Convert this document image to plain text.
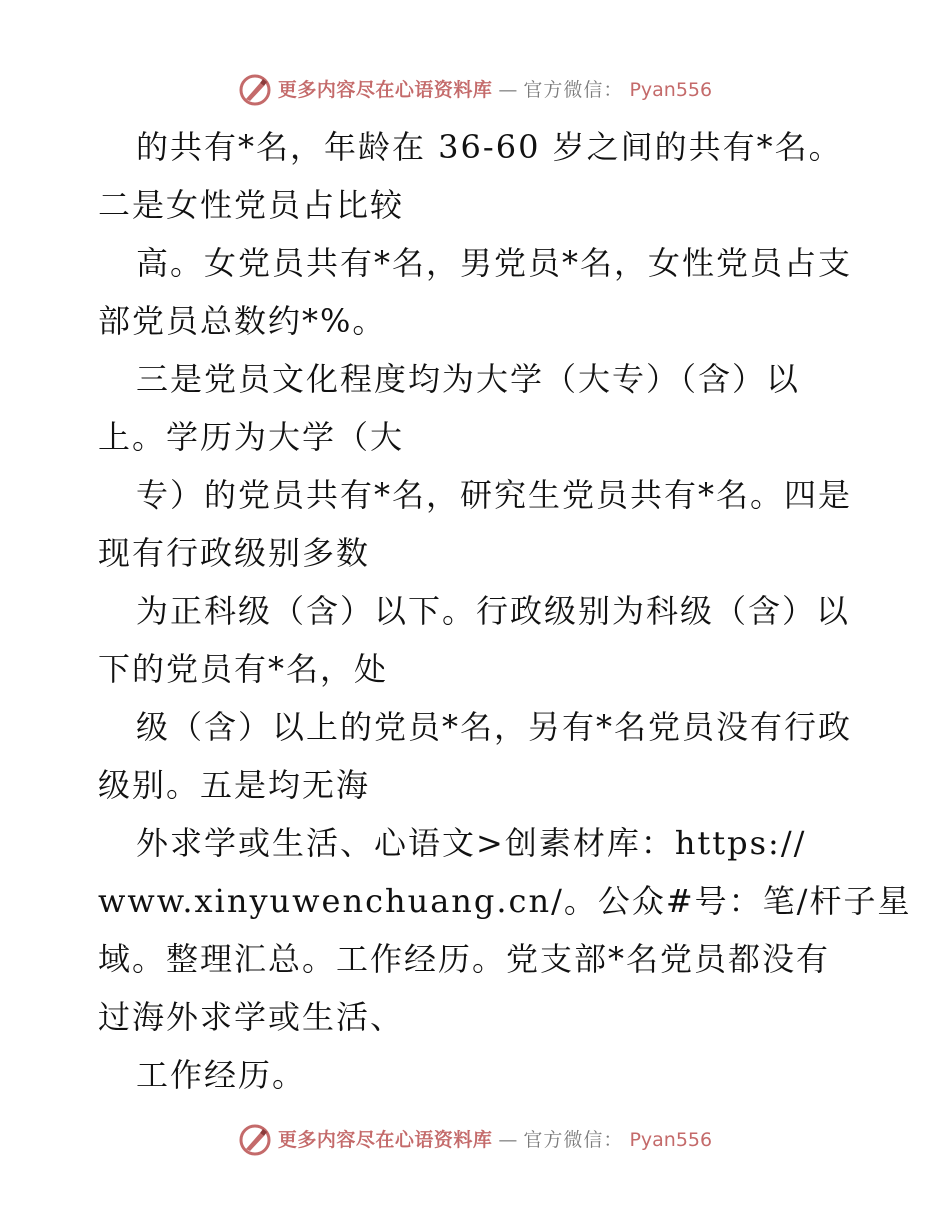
更多内容尽在心语资料库 — 官方微信： Pyan556
的共有*名，年龄在 36-60 岁之间的共有*名。
二是女性党员占比较
高。女党员共有*名，男党员*名，女性党员占支
部党员总数约*%。
三是党员文化程度均为大学（大专）（含）以
上。学历为大学（大
专）的党员共有*名，研究生党员共有*名。四是
现有行政级别多数
为正科级（含）以下。行政级别为科级（含）以
下的党员有*名，处
级（含）以上的党员*名，另有*名党员没有行政
级别。五是均无海
外求学或生活、心语文>创素材库：https://
www.xinyuwenchuang.cn/。公众#号：笔/杆子星
域。整理汇总。工作经历。党支部*名党员都没有
过海外求学或生活、
工作经历。
更多内容尽在心语资料库 — 官方微信： Pyan556
